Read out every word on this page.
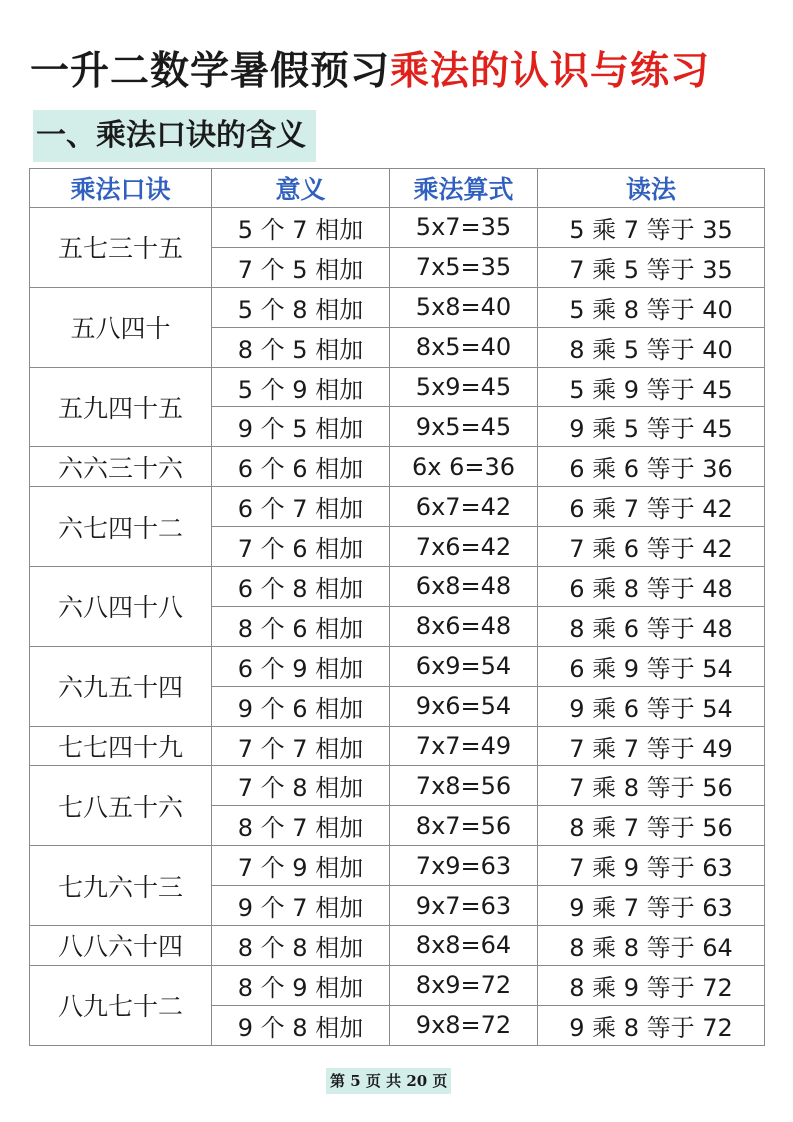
一升二数学暑假预习乘法的认识与练习
一、乘法口诀的含义
乘法口诀	意义	乘法算式	读法
五七三十五	5 个 7 相加	5x7=35	5 乘 7 等于 35
	7 个 5 相加	7x5=35	7 乘 5 等于 35
五八四十	5 个 8 相加	5x8=40	5 乘 8 等于 40
	8 个 5 相加	8x5=40	8 乘 5 等于 40
五九四十五	5 个 9 相加	5x9=45	5 乘 9 等于 45
	9 个 5 相加	9x5=45	9 乘 5 等于 45
六六三十六	6 个 6 相加	6x 6=36	6 乘 6 等于 36
六七四十二	6 个 7 相加	6x7=42	6 乘 7 等于 42
	7 个 6 相加	7x6=42	7 乘 6 等于 42
六八四十八	6 个 8 相加	6x8=48	6 乘 8 等于 48
	8 个 6 相加	8x6=48	8 乘 6 等于 48
六九五十四	6 个 9 相加	6x9=54	6 乘 9 等于 54
	9 个 6 相加	9x6=54	9 乘 6 等于 54
七七四十九	7 个 7 相加	7x7=49	7 乘 7 等于 49
七八五十六	7 个 8 相加	7x8=56	7 乘 8 等于 56
	8 个 7 相加	8x7=56	8 乘 7 等于 56
七九六十三	7 个 9 相加	7x9=63	7 乘 9 等于 63
	9 个 7 相加	9x7=63	9 乘 7 等于 63
八八六十四	8 个 8 相加	8x8=64	8 乘 8 等于 64
八九七十二	8 个 9 相加	8x9=72	8 乘 9 等于 72
	9 个 8 相加	9x8=72	9 乘 8 等于 72
第 5 页 共 20 页
